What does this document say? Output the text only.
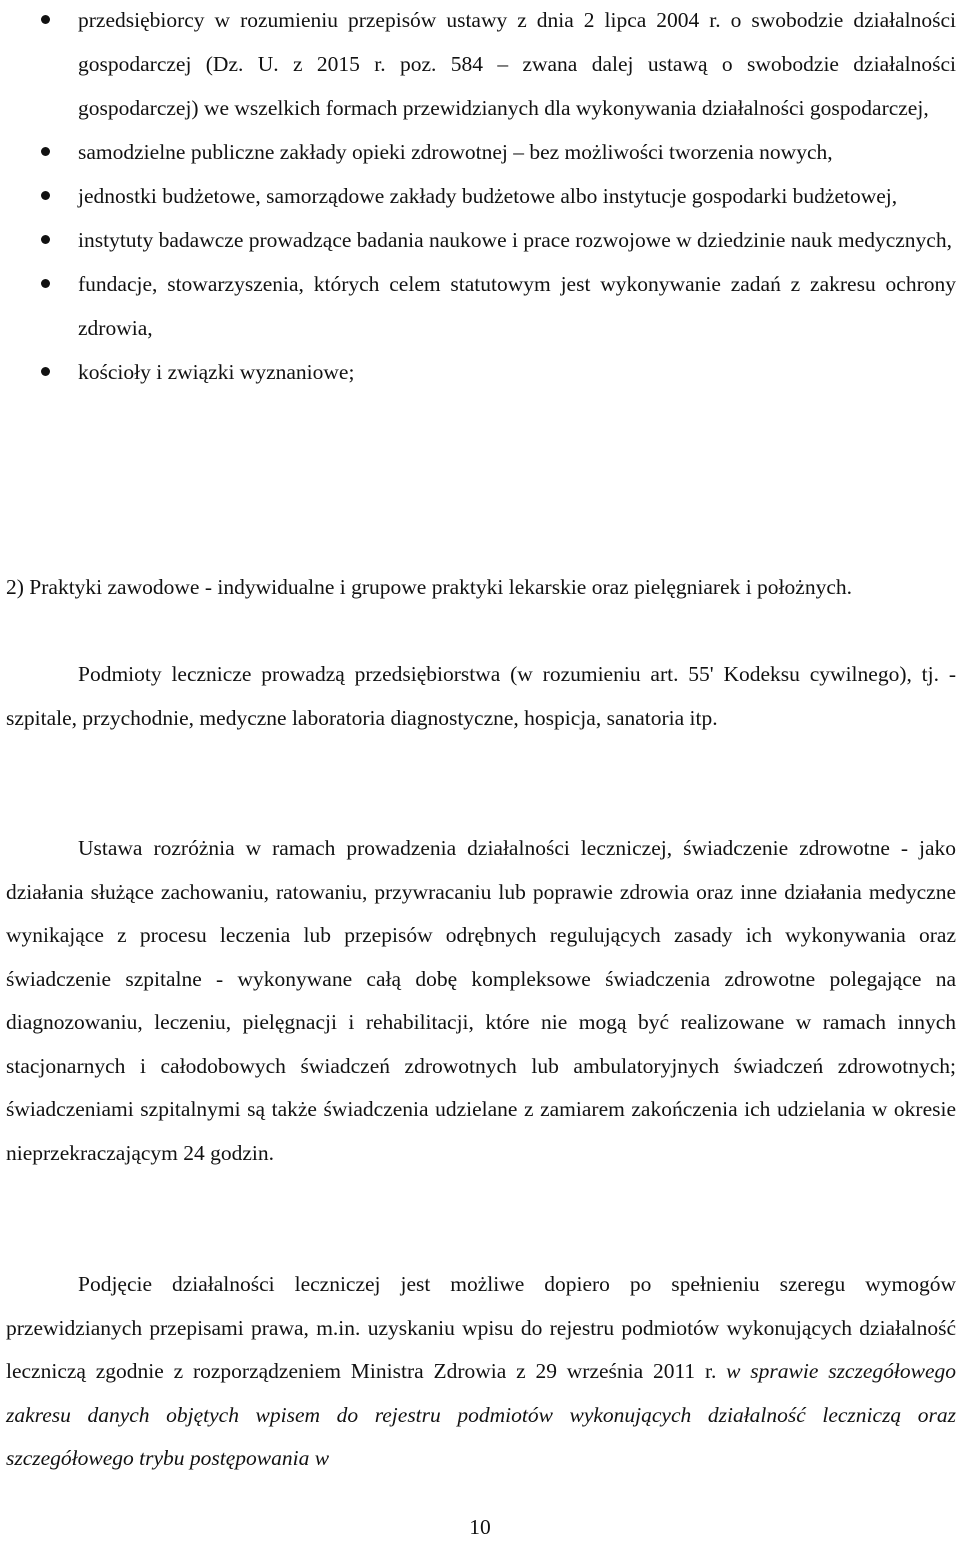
przedsiębiorcy w rozumieniu przepisów ustawy z dnia 2 lipca 2004 r. o swobodzie działalności gospodarczej (Dz. U. z 2015 r. poz. 584 – zwana dalej ustawą o swobodzie działalności gospodarczej) we wszelkich formach przewidzianych dla wykonywania działalności gospodarczej,
samodzielne publiczne zakłady opieki zdrowotnej – bez możliwości tworzenia nowych,
jednostki budżetowe, samorządowe zakłady budżetowe albo instytucje gospodarki budżetowej,
instytuty badawcze prowadzące badania naukowe i prace rozwojowe w dziedzinie nauk medycznych,
fundacje, stowarzyszenia, których celem statutowym jest wykonywanie zadań z zakresu ochrony zdrowia,
kościoły i związki wyznaniowe;

2) Praktyki zawodowe - indywidualne i grupowe praktyki lekarskie oraz pielęgniarek i położnych.

Podmioty lecznicze prowadzą przedsiębiorstwa (w rozumieniu art. 55' Kodeksu cywilnego), tj. - szpitale, przychodnie, medyczne laboratoria diagnostyczne, hospicja, sanatoria itp.

Ustawa rozróżnia w ramach prowadzenia działalności leczniczej, świadczenie zdrowotne - jako działania służące zachowaniu, ratowaniu, przywracaniu lub poprawie zdrowia oraz inne działania medyczne wynikające z procesu leczenia lub przepisów odrębnych regulujących zasady ich wykonywania oraz świadczenie szpitalne - wykonywane całą dobę kompleksowe świadczenia zdrowotne polegające na diagnozowaniu, leczeniu, pielęgnacji i rehabilitacji, które nie mogą być realizowane w ramach innych stacjonarnych i całodobowych świadczeń zdrowotnych lub ambulatoryjnych świadczeń zdrowotnych; świadczeniami szpitalnymi są także świadczenia udzielane z zamiarem zakończenia ich udzielania w okresie nieprzekraczającym 24 godzin.

Podjęcie działalności leczniczej jest możliwe dopiero po spełnieniu szeregu wymogów przewidzianych przepisami prawa, m.in. uzyskaniu wpisu do rejestru podmiotów wykonujących działalność leczniczą zgodnie z rozporządzeniem Ministra Zdrowia z 29 września 2011 r. w sprawie szczegółowego zakresu danych objętych wpisem do rejestru podmiotów wykonujących działalność leczniczą oraz szczegółowego trybu postępowania w

10
